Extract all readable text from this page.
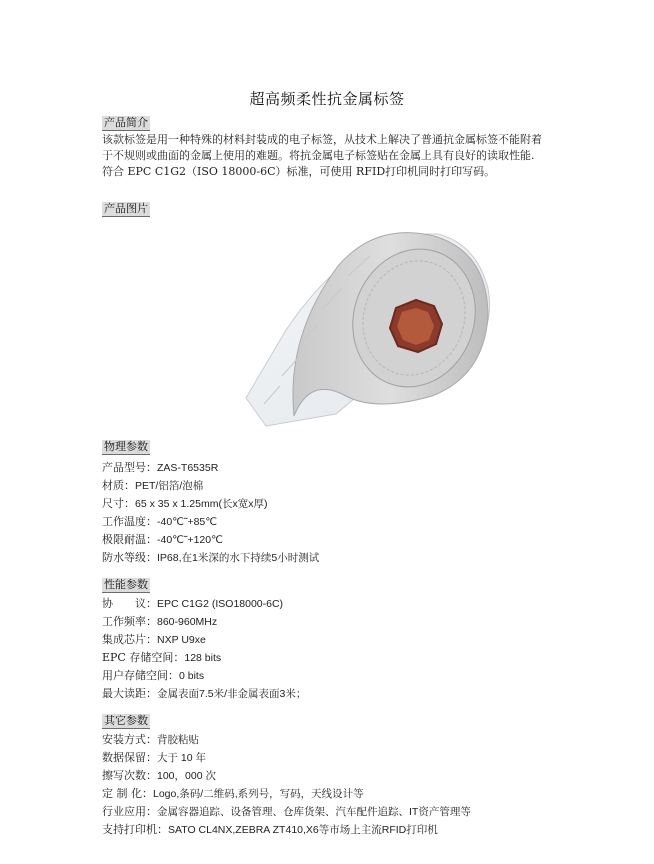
超高频柔性抗金属标签
产品简介
该款标签是用一种特殊的材料封装成的电子标签，从技术上解决了普通抗金属标签不能附着
于不规则或曲面的金属上使用的难题。将抗金属电子标签贴在金属上具有良好的读取性能.
符合 EPC C1G2（ISO 18000-6C）标准，可使用 RFID打印机同时打印写码。
产品图片
物理参数
产品型号：ZAS-T6535R
材质：PET/铝箔/泡棉
尺寸：65 x 35 x 1.25mm(长x宽x厚)
工作温度：-40℃˜+85℃
极限耐温：-40℃˜+120℃
防水等级：IP68,在1米深的水下持续5小时测试
性能参数
协　　议：EPC C1G2 (ISO18000-6C)
工作频率：860-960MHz
集成芯片：NXP U9xe
EPC 存储空间：128 bits
用户存储空间：0 bits
最大读距：金属表面7.5米/非金属表面3米；
其它参数
安装方式：背胶粘贴
数据保留：大于 10 年
擦写次数：100，000 次
定 制 化：Logo,条码/二维码,系列号，写码，天线设计等
行业应用：金属容器追踪、设备管理、仓库货架、汽车配件追踪、IT资产管理等
支持打印机：SATO CL4NX,ZEBRA ZT410,X6等市场上主流RFID打印机
